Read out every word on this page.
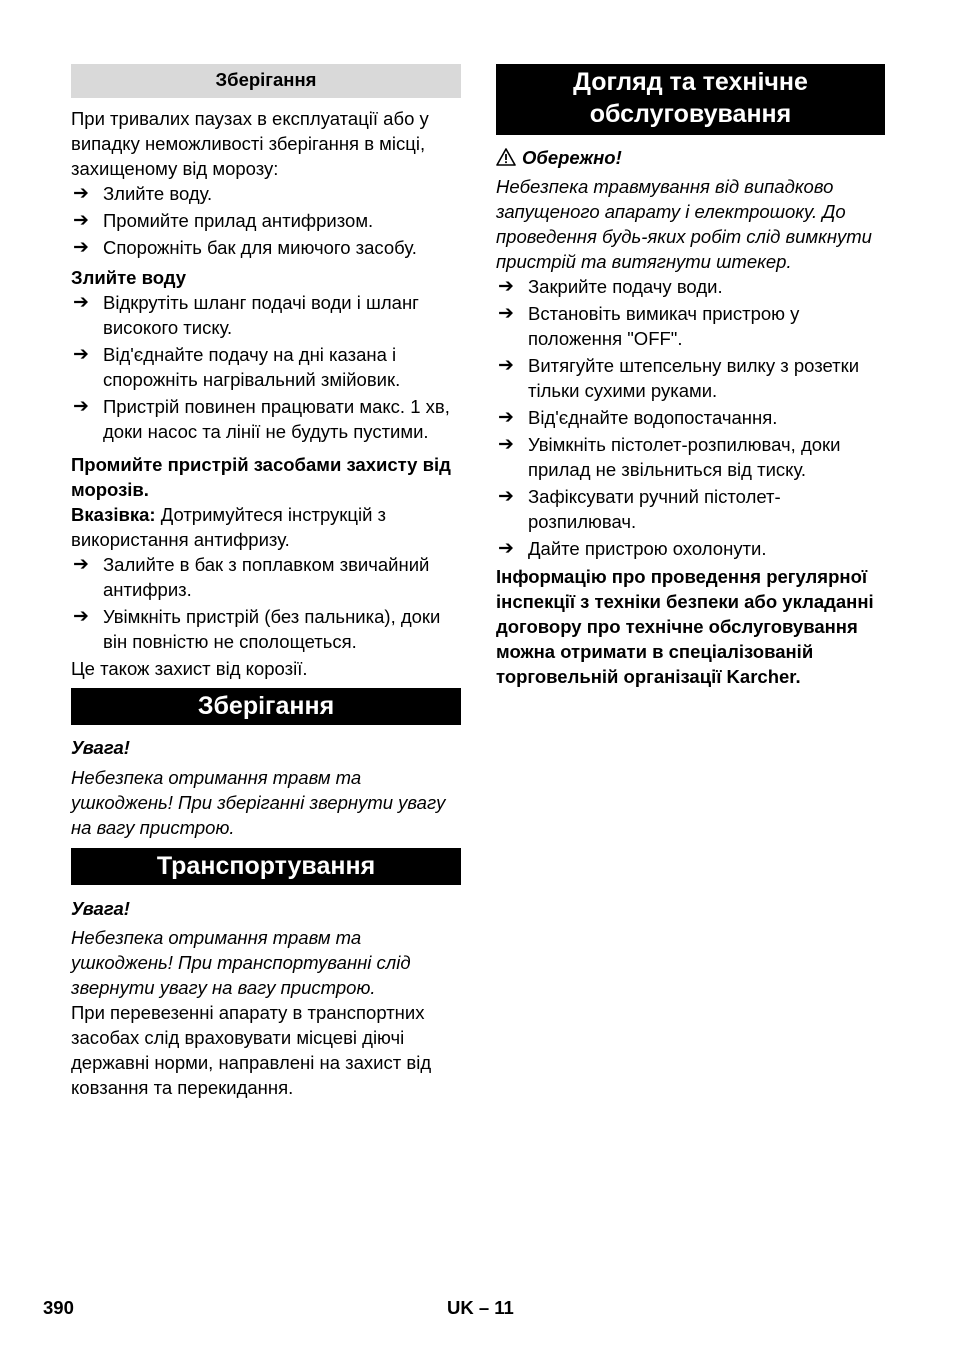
Зберігання

При тривалих паузах в експлуатації або у випадку неможливості зберігання в місці, захищеному від морозу:

➔ Злийте воду.
➔ Промийте прилад антифризом.
➔ Спорожніть бак для миючого засобу.

Злийте воду

➔ Відкрутіть шланг подачі води і шланг високого тиску.
➔ Від'єднайте подачу на дні казана і спорожніть нагрівальний змійовик.
➔ Пристрій повинен працювати макс. 1 хв, доки насос та лінії не будуть пустими.

Промийте пристрій засобами захисту від морозів.

Вказівка: Дотримуйтеся інструкцій з використання антифризу.

➔ Залийте в бак з поплавком звичайний антифриз.
➔ Увімкніть пристрій (без пальника), доки він повністю не сполощеться.

Це також захист від корозії.

Зберігання

Увага!

Небезпека отримання травм та ушкоджень! При зберіганні звернути увагу на вагу пристрою.

Транспортування

Увага!

Небезпека отримання травм та ушкоджень! При транспортуванні слід звернути увагу на вагу пристрою.

При перевезенні апарату в транспортних засобах слід враховувати місцеві діючі державні норми, направлені на захист від ковзання та перекидання.

Догляд та технічне обслуговування

Обережно!

Небезпека травмування від випадково запущеного апарату і електрошоку. До проведення будь-яких робіт слід вимкнути пристрій та витягнути штекер.

➔ Закрийте подачу води.
➔ Встановіть вимикач пристрою у положення "OFF".
➔ Витягуйте штепсельну вилку з розетки тільки сухими руками.
➔ Від'єднайте водопостачання.
➔ Увімкніть пістолет-розпилювач, доки прилад не звільниться від тиску.
➔ Зафіксувати ручний пістолет-розпилювач.
➔ Дайте пристрою охолонути.

Інформацію про проведення регулярної інспекції з техніки безпеки або укладанні договору про технічне обслуговування можна отримати в спеціалізованій торговельній організації Karcher.

390	UK – 11
